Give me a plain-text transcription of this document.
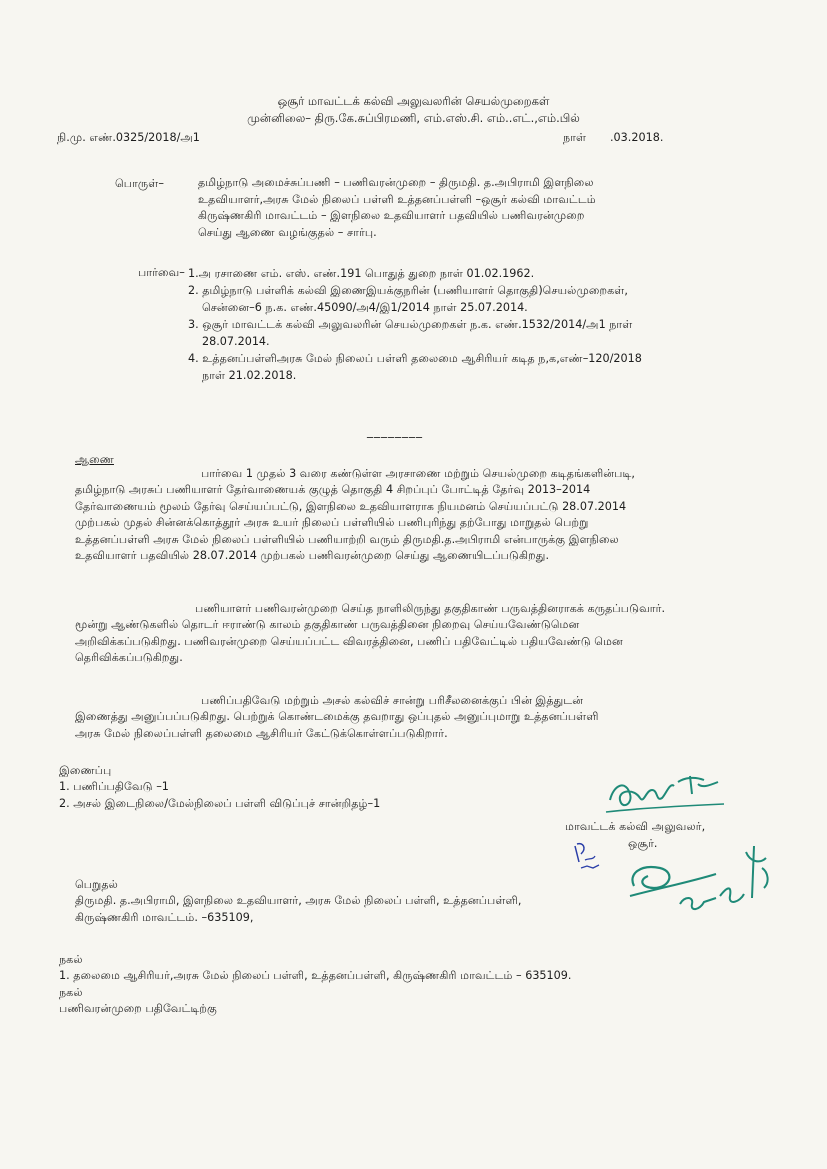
ஒசூர் மாவட்டக் கல்வி அலுவலரின் செயல்முறைகள்
முன்னிலை– திரு.கே.சுப்பிரமணி, எம்.எஸ்.சி. எம்..எட்.,எம்.பில்
நி.மு. எண்.0325/2018/அ1	நாள் .03.2018.
பொருள்–	தமிழ்நாடு அமைச்சுப்பணி – பணிவரன்முறை – திருமதி. த.அபிராமி இளநிலை
உதவியாளர்,அரசு மேல் நிலைப் பள்ளி உத்தனப்பள்ளி –ஒசூர் கல்வி மாவட்டம்
கிருஷ்ணகிரி மாவட்டம் – இளநிலை உதவியாளர் பதவியில் பணிவரன்முறை
செய்து ஆணை வழங்குதல் – சார்பு.
பார்வை– 1.அ ரசாணை எம். எஸ். எண்.191 பொதுத் துறை நாள் 01.02.1962.
2. தமிழ்நாடு பள்ளிக் கல்வி இணைஇயக்குநரின் (பணியாளர் தொகுதி)செயல்முறைகள்,
சென்னை–6 ந.க. எண்.45090/அ4/இ1/2014 நாள் 25.07.2014.
3. ஒசூர் மாவட்டக் கல்வி அலுவலரின் செயல்முறைகள் ந.க. எண்.1532/2014/அ1 நாள்
28.07.2014.
4. உத்தனப்பள்ளிஅரசு மேல் நிலைப் பள்ளி தலைமை ஆசிரியர் கடித ந,க,எண்–120/2018
நாள் 21.02.2018.
________
ஆணை
பார்வை 1 முதல் 3 வரை கண்டுள்ள அரசாணை மற்றும் செயல்முறை கடிதங்களின்படி,
தமிழ்நாடு அரசுப் பணியாளர் தேர்வாணையக் குழுத் தொகுதி 4 சிறப்புப் போட்டித் தேர்வு 2013–2014
தேர்வாணையம் மூலம் தேர்வு செய்யப்பட்டு, இளநிலை உதவியாளராக நியமனம் செய்யப்பட்டு 28.07.2014
முற்பகல் முதல் சின்னக்கொத்தூர் அரசு உயர் நிலைப் பள்ளியில் பணிபுரிந்து தற்போது மாறுதல் பெற்று
உத்தனப்பள்ளி அரசு மேல் நிலைப் பள்ளியில் பணியாற்றி வரும் திருமதி.த.அபிராமி என்பாருக்கு இளநிலை
உதவியாளர் பதவியில் 28.07.2014 முற்பகல் பணிவரன்முறை செய்து ஆணையிடப்படுகிறது.
பணியாளர் பணிவரன்முறை செய்த நாளிலிருந்து தகுதிகாண் பருவத்தினராகக் கருதப்படுவார்.
மூன்று ஆண்டுகளில் தொடர் ஈராண்டு காலம் தகுதிகாண் பருவத்தினை நிறைவு செய்யவேண்டுமென
அறிவிக்கப்படுகிறது. பணிவரன்முறை செய்யப்பட்ட விவரத்தினை, பணிப் பதிவேட்டில் பதியவேண்டு மென
தெரிவிக்கப்படுகிறது.
பணிப்பதிவேடு மற்றும் அசல் கல்விச் சான்று பரிசீலனைக்குப் பின் இத்துடன்
இணைத்து அனுப்பப்படுகிறது. பெற்றுக் கொண்டமைக்கு தவறாது ஒப்புதல் அனுப்புமாறு உத்தனப்பள்ளி
அரசு மேல் நிலைப்பள்ளி தலைமை ஆசிரியர் கேட்டுக்கொள்ளப்படுகிறார்.
இணைப்பு
1. பணிப்பதிவேடு –1
2. அசல் இடைநிலை/மேல்நிலைப் பள்ளி விடுப்புச் சான்றிதழ்–1
மாவட்டக் கல்வி அலுவலர்,
ஒசூர்.
பெறுதல்
திருமதி. த.அபிராமி, இளநிலை உதவியாளர், அரசு மேல் நிலைப் பள்ளி, உத்தனப்பள்ளி,
கிருஷ்ணகிரி மாவட்டம். –635109,
நகல்
1. தலைமை ஆசிரியர்,அரசு மேல் நிலைப் பள்ளி, உத்தனப்பள்ளி, கிருஷ்ணகிரி மாவட்டம் – 635109.
நகல்
பணிவரன்முறை பதிவேட்டிற்கு
